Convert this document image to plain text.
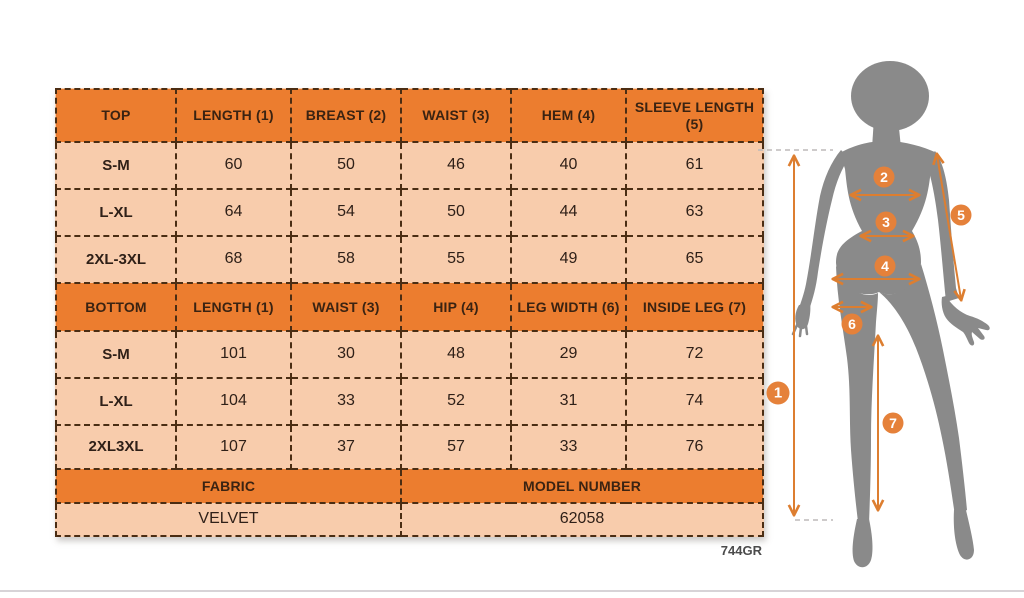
TOP	LENGTH (1)	BREAST (2)	WAIST (3)	HEM (4)	SLEEVE LENGTH (5)
S-M	60	50	46	40	61
L-XL	64	54	50	44	63
2XL-3XL	68	58	55	49	65
BOTTOM	LENGTH (1)	WAIST (3)	HIP (4)	LEG WIDTH (6)	INSIDE LEG (7)
S-M	101	30	48	29	72
L-XL	104	33	52	31	74
2XL3XL	107	37	57	33	76
FABRIC			MODEL NUMBER		
VELVET			62058		
744GR
1
2
3
4
5
6
7
